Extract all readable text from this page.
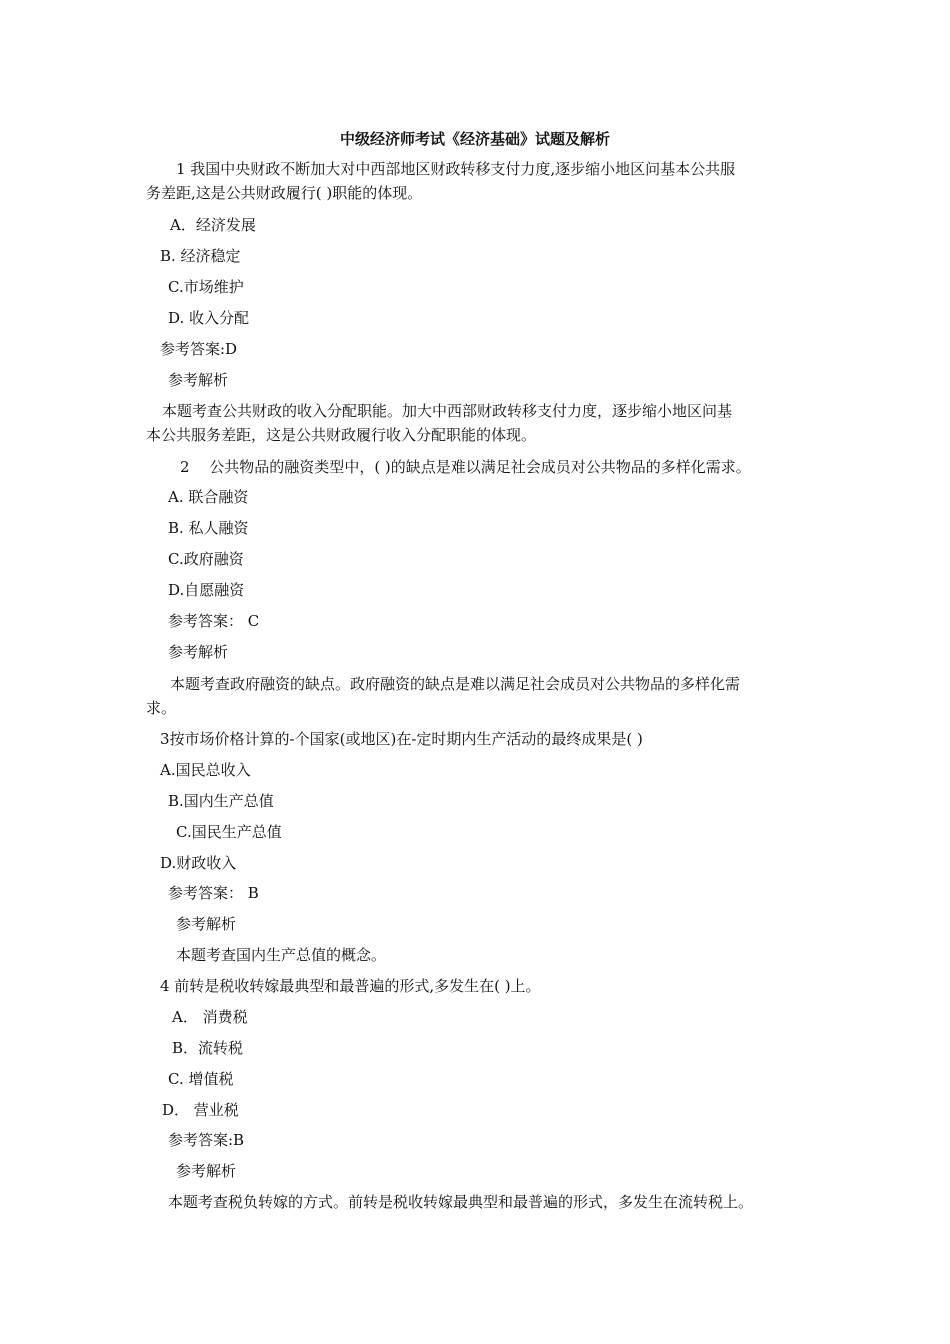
中级经济师考试《经济基础》试题及解析
1 我国中央财政不断加大对中西部地区财政转移支付力度,逐步缩小地区问基本公共服
务差距,这是公共财政履行( )职能的体现。
A．经济发展
B. 经济稳定
C.市场维护
D. 收入分配
参考答案:D
参考解析
本题考查公共财政的收入分配职能。加大中西部财政转移支付力度，逐步缩小地区问基
本公共服务差距，这是公共财政履行收入分配职能的体现。
2　 公共物品的融资类型中，( )的缺点是难以满足社会成员对公共物品的多样化需求。
A. 联合融资
B. 私人融资
C.政府融资
D.自愿融资
参考答案： C
参考解析
本题考查政府融资的缺点。政府融资的缺点是难以满足社会成员对公共物品的多样化需
求。
3按市场价格计算的-个国家(或地区)在-定时期内生产活动的最终成果是( )
A.国民总收入
B.国内生产总值
C.国民生产总值
D.财政收入
参考答案： B
参考解析
本题考查国内生产总值的概念。
4 前转是税收转嫁最典型和最普遍的形式,多发生在( )上。
A． 消费税
B．流转税
C. 增值税
D． 营业税
参考答案:B
参考解析
本题考查税负转嫁的方式。前转是税收转嫁最典型和最普遍的形式，多发生在流转税上。
